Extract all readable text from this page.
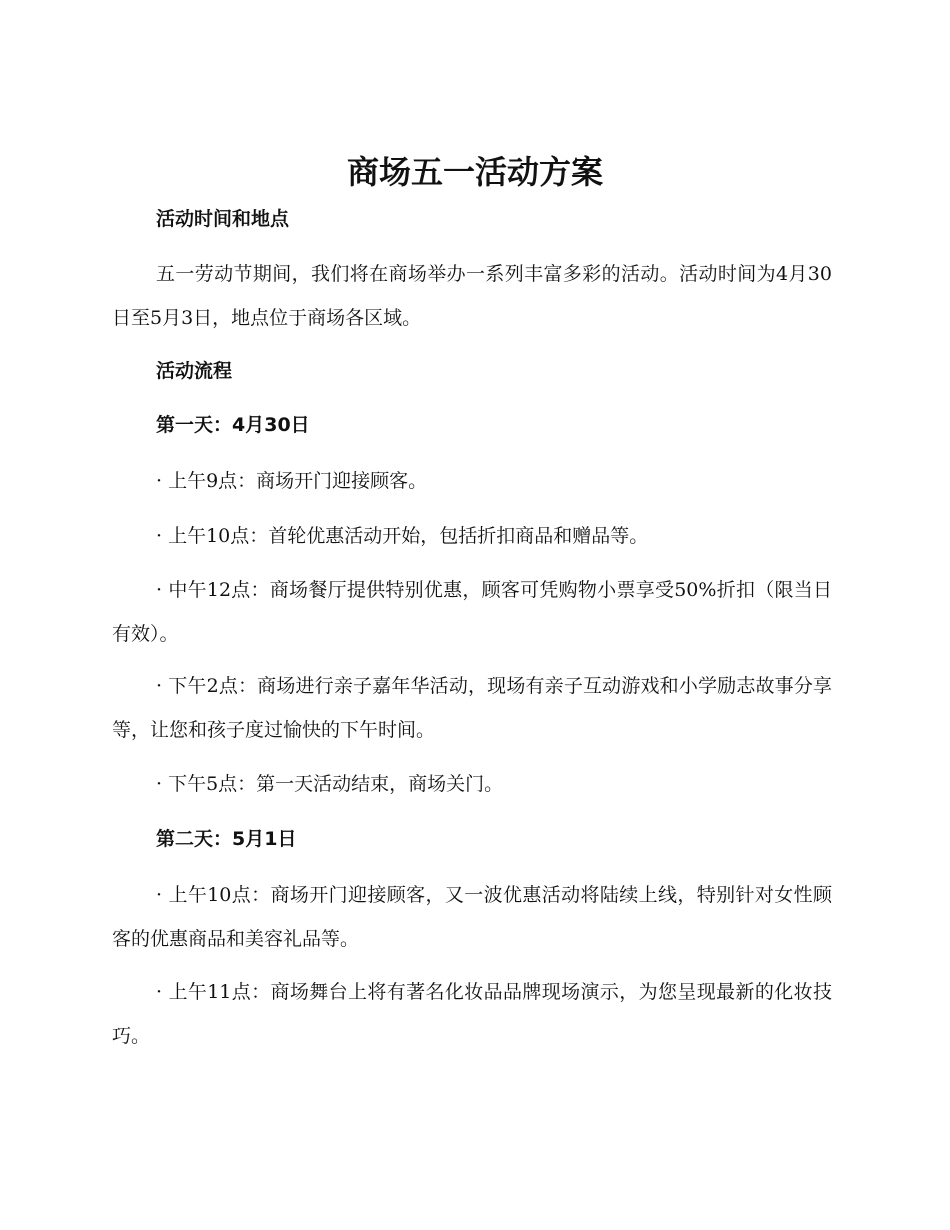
商场五一活动方案
活动时间和地点

五一劳动节期间，我们将在商场举办一系列丰富多彩的活动。活动时间为4月30日至5月3日，地点位于商场各区域。

活动流程
第一天：4月30日

· 上午9点：商场开门迎接顾客。

· 上午10点：首轮优惠活动开始，包括折扣商品和赠品等。

· 中午12点：商场餐厅提供特别优惠，顾客可凭购物小票享受50%折扣（限当日有效）。

· 下午2点：商场进行亲子嘉年华活动，现场有亲子互动游戏和小学励志故事分享等，让您和孩子度过愉快的下午时间。

· 下午5点：第一天活动结束，商场关门。

第二天：5月1日

· 上午10点：商场开门迎接顾客，又一波优惠活动将陆续上线，特别针对女性顾客的优惠商品和美容礼品等。

· 上午11点：商场舞台上将有著名化妆品品牌现场演示，为您呈现最新的化妆技巧。
